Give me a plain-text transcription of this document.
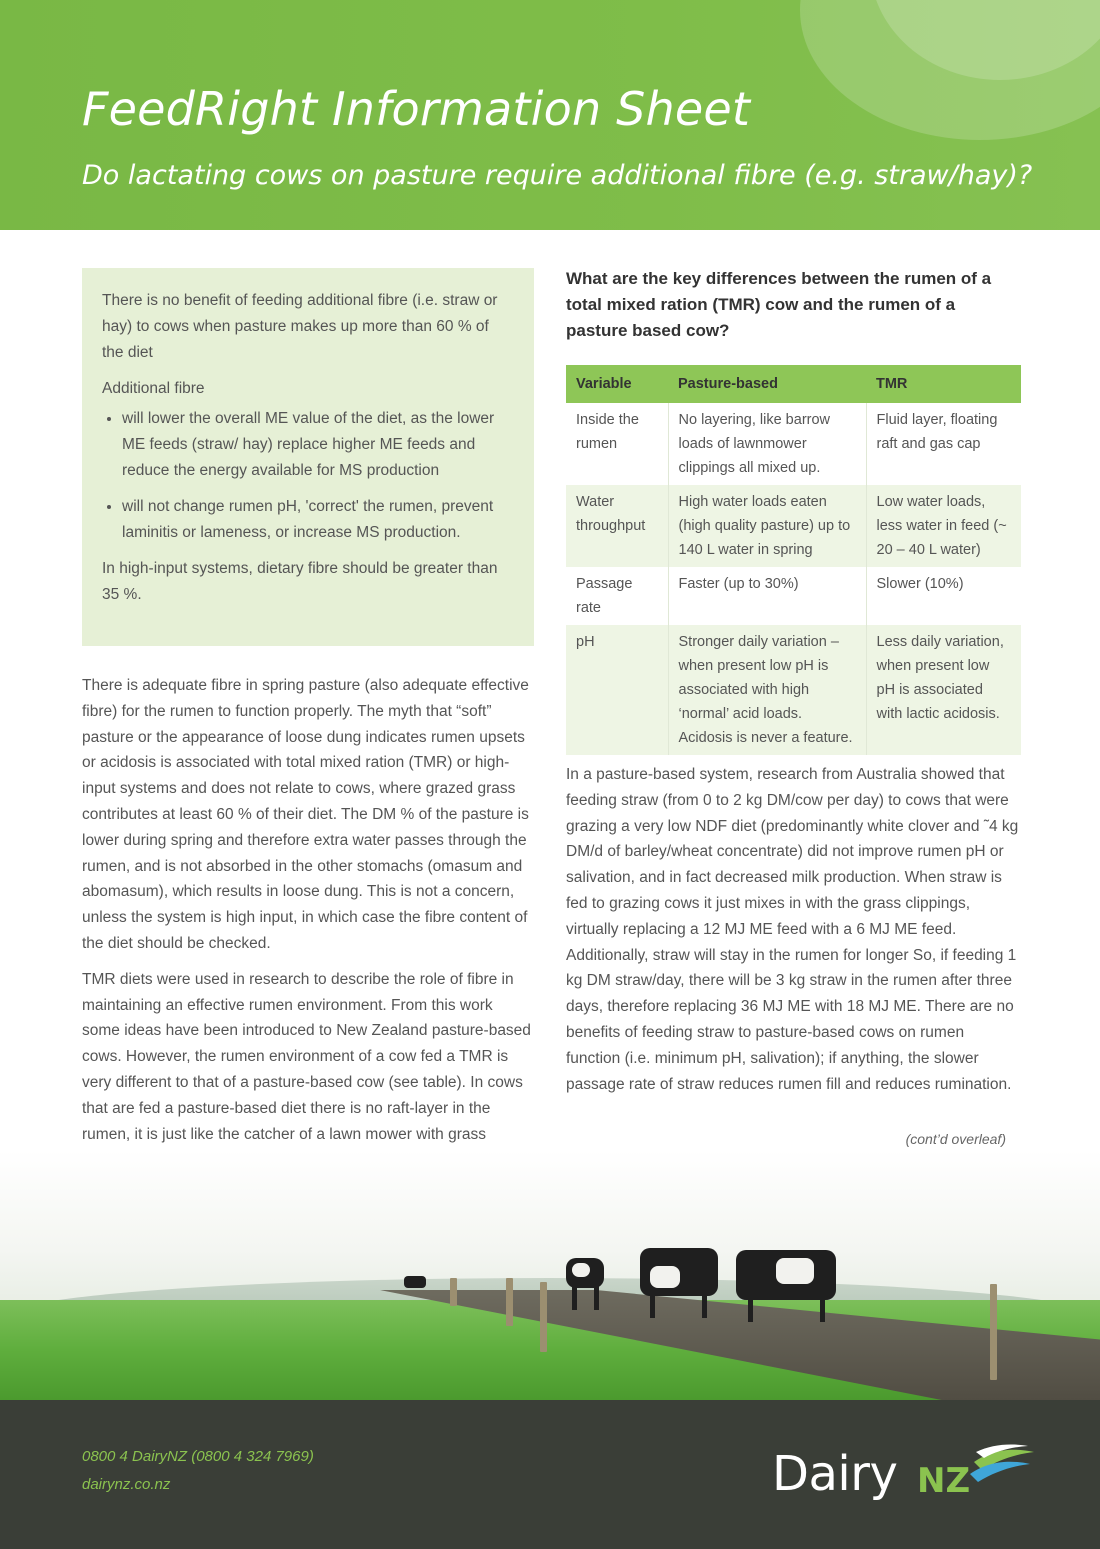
FeedRight Information Sheet
Do lactating cows on pasture require additional fibre (e.g. straw/hay)?

There is no benefit of feeding additional fibre (i.e. straw or hay) to cows when pasture makes up more than 60 % of the diet

Additional fibre

• will lower the overall ME value of the diet, as the lower ME feeds (straw/ hay) replace higher ME feeds and reduce the energy available for MS production
• will not change rumen pH, 'correct' the rumen, prevent laminitis or lameness, or increase MS production.

In high-input systems, dietary fibre should be greater than 35 %.

There is adequate fibre in spring pasture (also adequate effective fibre) for the rumen to function properly. The myth that “soft” pasture or the appearance of loose dung indicates rumen upsets or acidosis is associated with total mixed ration (TMR) or high-input systems and does not relate to cows, where grazed grass contributes at least 60 % of their diet. The DM % of the pasture is lower during spring and therefore extra water passes through the rumen, and is not absorbed in the other stomachs (omasum and abomasum), which results in loose dung. This is not a concern, unless the system is high input, in which case the fibre content of the diet should be checked.

TMR diets were used in research to describe the role of fibre in maintaining an effective rumen environment. From this work some ideas have been introduced to New Zealand pasture-based cows. However, the rumen environment of a cow fed a TMR is very different to that of a pasture-based cow (see table). In cows that are fed a pasture-based diet there is no raft-layer in the rumen, it is just like the catcher of a lawn mower with grass

What are the key differences between the rumen of a total mixed ration (TMR) cow and the rumen of a pasture based cow?
Variable	Pasture-based	TMR
Inside the rumen	No layering, like barrow loads of lawnmower clippings all mixed up.	Fluid layer, floating raft and gas cap
Water throughput	High water loads eaten (high quality pasture) up to 140 L water in spring	Low water loads, less water in feed (~ 20 – 40 L water)
Passage rate	Faster (up to 30%)	Slower (10%)
pH	Stronger daily variation – when present low pH is associated with high ‘normal’ acid loads. Acidosis is never a feature.	Less daily variation, when present low pH is associated with lactic acidosis.

In a pasture-based system, research from Australia showed that feeding straw (from 0 to 2 kg DM/cow per day) to cows that were grazing a very low NDF diet (predominantly white clover and ˜4 kg DM/d of barley/wheat concentrate) did not improve rumen pH or salivation, and in fact decreased milk production. When straw is fed to grazing cows it just mixes in with the grass clippings, virtually replacing a 12 MJ ME feed with a 6 MJ ME feed. Additionally, straw will stay in the rumen for longer So, if feeding 1 kg DM straw/day, there will be 3 kg straw in the rumen after three days, therefore replacing 36 MJ ME with 18 MJ ME. There are no benefits of feeding straw to pasture-based cows on rumen function (i.e. minimum pH, salivation); if anything, the slower passage rate of straw reduces rumen fill and reduces rumination.

(cont’d overleaf)

0800 4 DairyNZ (0800 4 324 7969)

dairynz.co.nz	Dairy NZ
